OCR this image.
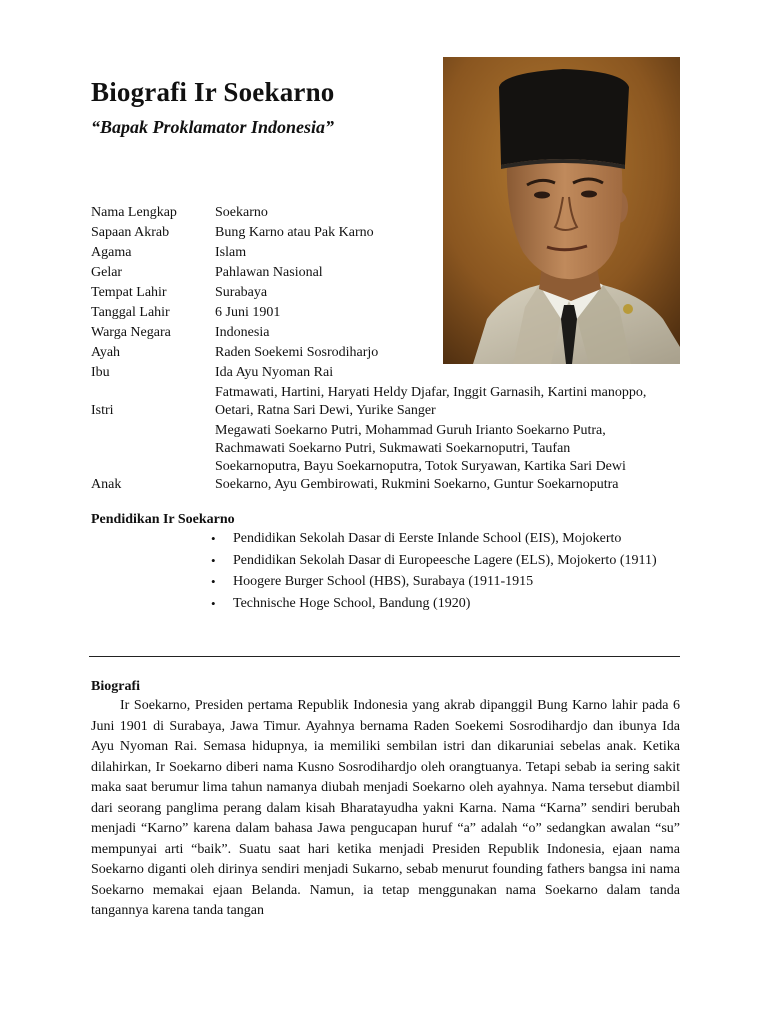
Biografi Ir Soekarno
“Bapak Proklamator Indonesia”
Nama Lengkap	Soekarno
Sapaan Akrab	Bung Karno atau Pak Karno
Agama	Islam
Gelar	Pahlawan Nasional
Tempat Lahir	Surabaya
Tanggal Lahir	6 Juni 1901
Warga Negara	Indonesia
Ayah	Raden Soekemi Sosrodiharjo
Ibu	Ida Ayu Nyoman Rai
Istri	Fatmawati, Hartini, Haryati Heldy Djafar, Inggit Garnasih, Kartini manoppo, Oetari, Ratna Sari Dewi, Yurike Sanger
Anak	Megawati Soekarno Putri, Mohammad Guruh Irianto Soekarno Putra, Rachmawati Soekarno Putri, Sukmawati Soekarnoputri, Taufan Soekarnoputra, Bayu Soekarnoputra, Totok Suryawan, Kartika Sari Dewi Soekarno, Ayu Gembirowati, Rukmini Soekarno, Guntur Soekarnoputra
Pendidikan Ir Soekarno
• Pendidikan Sekolah Dasar di Eerste Inlande School (EIS), Mojokerto
• Pendidikan Sekolah Dasar di Europeesche Lagere (ELS), Mojokerto (1911)
• Hoogere Burger School (HBS), Surabaya (1911-1915
• Technische Hoge School, Bandung (1920)
Biografi

Ir Soekarno, Presiden pertama Republik Indonesia yang akrab dipanggil Bung Karno lahir pada 6 Juni 1901 di Surabaya, Jawa Timur. Ayahnya bernama Raden Soekemi Sosrodihardjo dan ibunya Ida Ayu Nyoman Rai. Semasa hidupnya, ia memiliki sembilan istri dan dikaruniai sebelas anak. Ketika dilahirkan, Ir Soekarno diberi nama Kusno Sosrodihardjo oleh orangtuanya. Tetapi sebab ia sering sakit maka saat berumur lima tahun namanya diubah menjadi Soekarno oleh ayahnya. Nama tersebut diambil dari seorang panglima perang dalam kisah Bharatayudha yakni Karna. Nama “Karna” sendiri berubah menjadi “Karno” karena dalam bahasa Jawa pengucapan huruf “a” adalah “o” sedangkan awalan “su” mempunyai arti “baik”. Suatu saat hari ketika menjadi Presiden Republik Indonesia, ejaan nama Soekarno diganti oleh dirinya sendiri menjadi Sukarno, sebab menurut founding fathers bangsa ini nama Soekarno memakai ejaan Belanda. Namun, ia tetap menggunakan nama Soekarno dalam tanda tangannya karena tanda tangan
